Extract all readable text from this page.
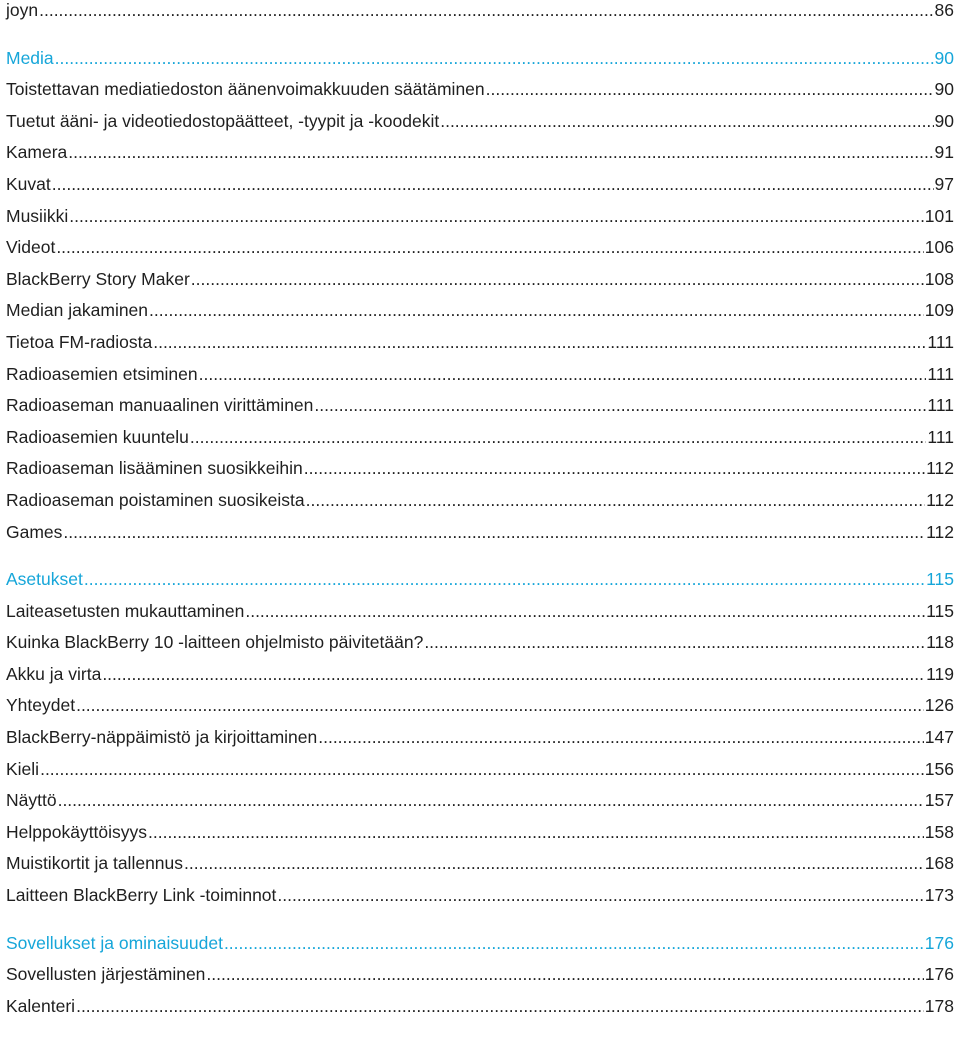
joyn .....	86
Media .....	90
Toistettavan mediatiedoston äänenvoimakkuuden säätäminen .....	90
Tuetut ääni- ja videotiedostopäätteet, -tyypit ja -koodekit .....	90
Kamera .....	91
Kuvat .....	97
Musiikki .....	101
Videot .....	106
BlackBerry Story Maker .....	108
Median jakaminen .....	109
Tietoa FM-radiosta .....	111
Radioasemien etsiminen .....	111
Radioaseman manuaalinen virittäminen .....	111
Radioasemien kuuntelu .....	111
Radioaseman lisääminen suosikkeihin .....	112
Radioaseman poistaminen suosikeista .....	112
Games .....	112
Asetukset .....	115
Laiteasetusten mukauttaminen .....	115
Kuinka BlackBerry 10 -laitteen ohjelmisto päivitetään? .....	118
Akku ja virta .....	119
Yhteydet .....	126
BlackBerry-näppäimistö ja kirjoittaminen .....	147
Kieli .....	156
Näyttö .....	157
Helppokäyttöisyys .....	158
Muistikortit ja tallennus .....	168
Laitteen BlackBerry Link -toiminnot .....	173
Sovellukset ja ominaisuudet .....	176
Sovellusten järjestäminen .....	176
Kalenteri .....	178
